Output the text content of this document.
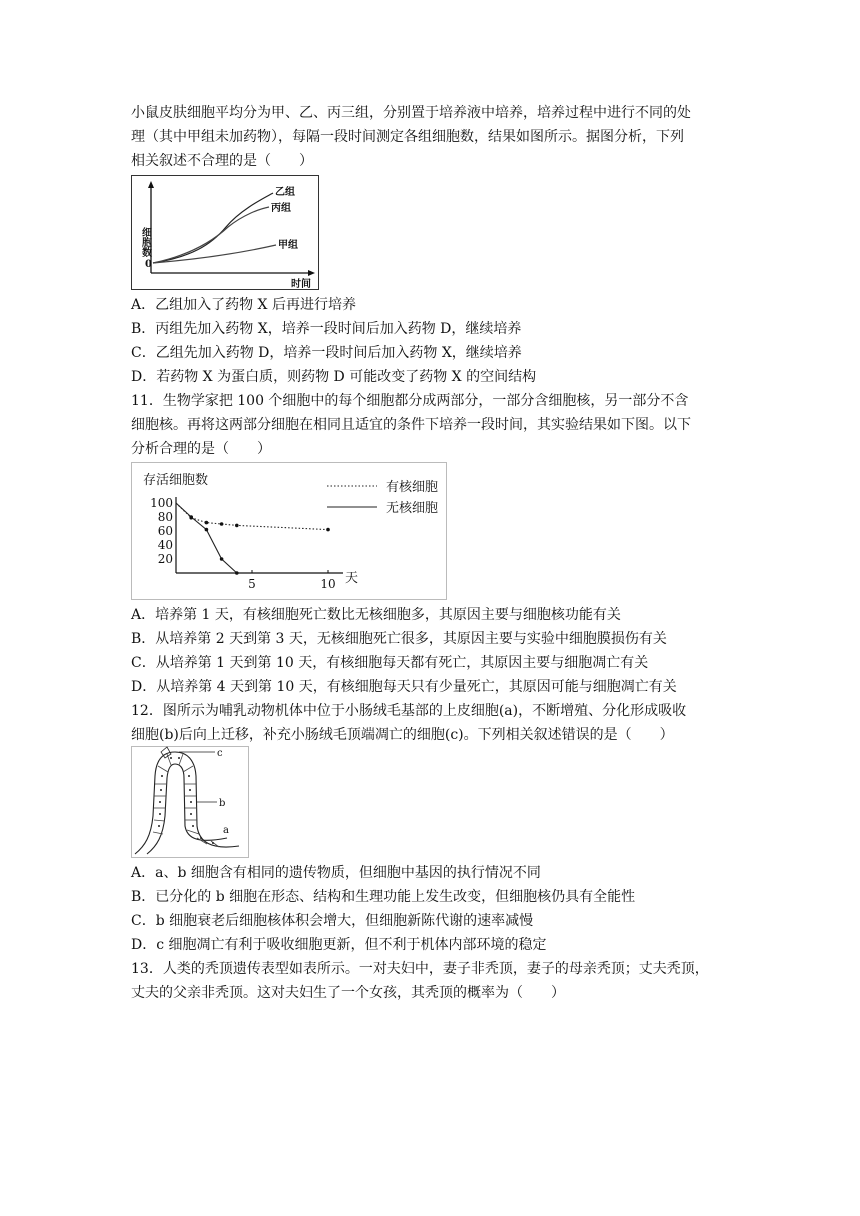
小鼠皮肤细胞平均分为甲、乙、丙三组，分别置于培养液中培养，培养过程中进行不同的处
理（其中甲组未加药物），每隔一段时间测定各组细胞数，结果如图所示。据图分析，下列
相关叙述不合理的是（　　）
细胞数
时间
0
乙组
丙组
甲组
A．乙组加入了药物 X 后再进行培养
B．丙组先加入药物 X，培养一段时间后加入药物 D，继续培养
C．乙组先加入药物 D，培养一段时间后加入药物 X，继续培养
D．若药物 X 为蛋白质，则药物 D 可能改变了药物 X 的空间结构
11．生物学家把 100 个细胞中的每个细胞都分成两部分，一部分含细胞核，另一部分不含
细胞核。再将这两部分细胞在相同且适宜的条件下培养一段时间，其实验结果如下图。以下
分析合理的是（　　）
存活细胞数
20
40
60
80
100
5	10 天
有核细胞
无核细胞
A．培养第 1 天，有核细胞死亡数比无核细胞多，其原因主要与细胞核功能有关
B．从培养第 2 天到第 3 天，无核细胞死亡很多，其原因主要与实验中细胞膜损伤有关
C．从培养第 1 天到第 10 天，有核细胞每天都有死亡，其原因主要与细胞凋亡有关
D．从培养第 4 天到第 10 天，有核细胞每天只有少量死亡，其原因可能与细胞凋亡有关
12．图所示为哺乳动物机体中位于小肠绒毛基部的上皮细胞(a)，不断增殖、分化形成吸收
细胞(b)后向上迁移，补充小肠绒毛顶端凋亡的细胞(c)。下列相关叙述错误的是（　　）
c
b
a
A．a、b 细胞含有相同的遗传物质，但细胞中基因的执行情况不同
B．已分化的 b 细胞在形态、结构和生理功能上发生改变，但细胞核仍具有全能性
C．b 细胞衰老后细胞核体积会增大，但细胞新陈代谢的速率减慢
D．c 细胞凋亡有利于吸收细胞更新，但不利于机体内部环境的稳定
13．人类的秃顶遗传表型如表所示。一对夫妇中，妻子非秃顶，妻子的母亲秃顶；丈夫秃顶，
丈夫的父亲非秃顶。这对夫妇生了一个女孩，其秃顶的概率为（　　）
